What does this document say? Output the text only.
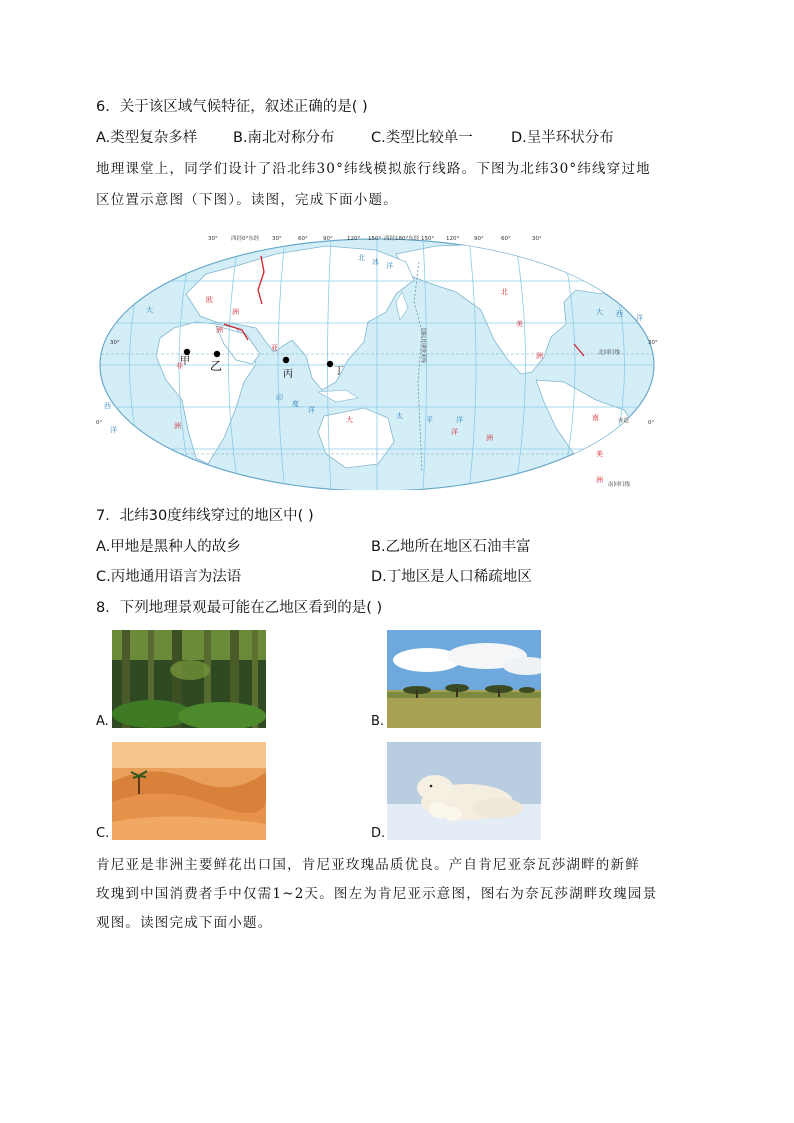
6．关于该区域气候特征，叙述正确的是( )
A.类型复杂多样 B.南北对称分布	C.类型比较单一	D.呈半环状分布
地理课堂上，同学们设计了沿北纬30°纬线模拟旅行线路。下图为北纬30°纬线穿过地
区位置示意图（下图）。读图，完成下面小题。
30° 西经0°东经 30°	60°	90°	120° 150° 西经180°东经 150° 120°	90°	60°	30°
30°
0°
30°
0°
北回归线
赤道
南回归线
欧
洲
亚
非
洲
北
美
洲
南
美
洲
大
洋
洲
洲
大
西
洋
太	平	洋
印
度
洋
大 西 洋
北 冰 洋
国际日期变更线
甲 乙
丙	丁
7．北纬30度纬线穿过的地区中( )
A.甲地是黑种人的故乡	B.乙地所在地区石油丰富
C.丙地通用语言为法语	D.丁地区是人口稀疏地区
8．下列地理景观最可能在乙地区看到的是( )
A.	B.
C.	D.
肯尼亚是非洲主要鲜花出口国，肯尼亚玫瑰品质优良。产自肯尼亚奈瓦莎湖畔的新鲜
玫瑰到中国消费者手中仅需1~2天。图左为肯尼亚示意图，图右为奈瓦莎湖畔玫瑰园景
观图。读图完成下面小题。
